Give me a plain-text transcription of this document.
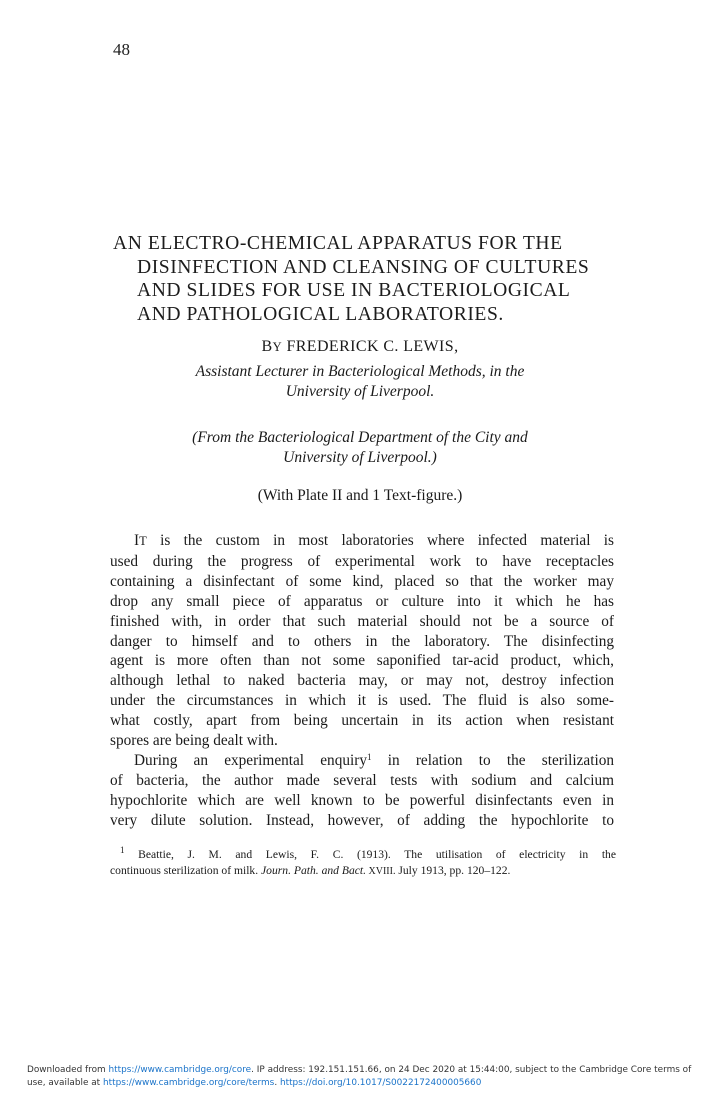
48
AN ELECTRO-CHEMICAL APPARATUS FOR THE
DISINFECTION AND CLEANSING OF CULTURES
AND SLIDES FOR USE IN BACTERIOLOGICAL
AND PATHOLOGICAL LABORATORIES.
BY FREDERICK C. LEWIS,
Assistant Lecturer in Bacteriological Methods, in the
University of Liverpool.
(From the Bacteriological Department of the City and
University of Liverpool.)
(With Plate II and 1 Text-figure.)
IT is the custom in most laboratories where infected material is
used during the progress of experimental work to have receptacles
containing a disinfectant of some kind, placed so that the worker may
drop any small piece of apparatus or culture into it which he has
finished with, in order that such material should not be a source of
danger to himself and to others in the laboratory. The disinfecting
agent is more often than not some saponified tar-acid product, which,
although lethal to naked bacteria may, or may not, destroy infection
under the circumstances in which it is used. The fluid is also some-
what costly, apart from being uncertain in its action when resistant
spores are being dealt with.
During an experimental enquiry$^1$ in relation to the sterilization
of bacteria, the author made several tests with sodium and calcium
hypochlorite which are well known to be powerful disinfectants even in
very dilute solution. Instead, however, of adding the hypochlorite to
$^1$ Beattie, J. M. and Lewis, F. C. (1913). The utilisation of electricity in the
continuous sterilization of milk. Journ. Path. and Bact. XVIII. July 1913, pp. 120–122.
Downloaded from https://www.cambridge.org/core. IP address: 192.151.151.66, on 24 Dec 2020 at 15:44:00, subject to the Cambridge Core terms of
use, available at https://www.cambridge.org/core/terms. https://doi.org/10.1017/S0022172400005660
